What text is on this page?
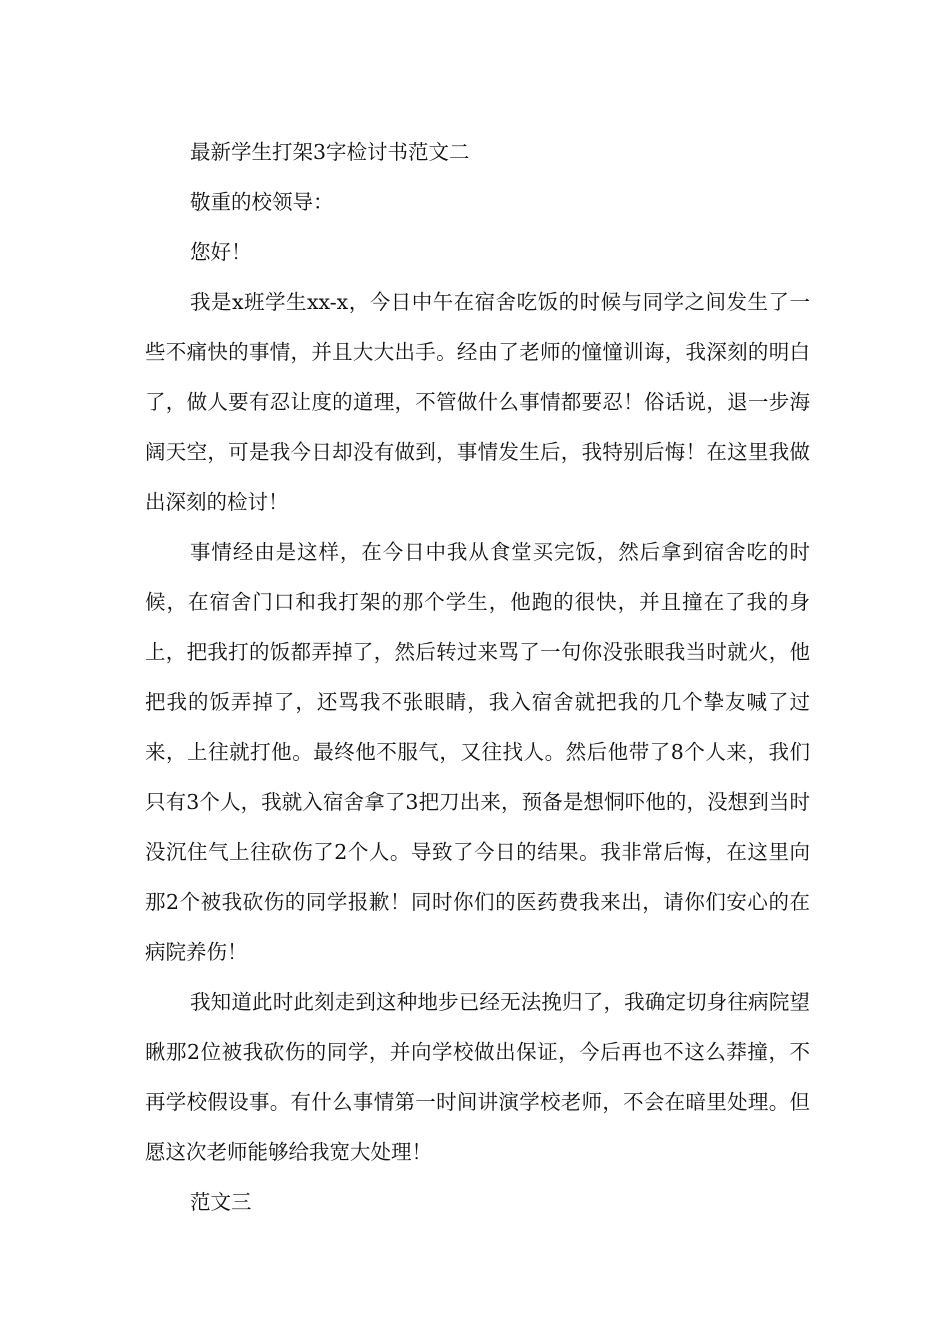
最新学生打架3字检讨书范文二

敬重的校领导：

您好！

我是x班学生xx-x，今日中午在宿舍吃饭的时候与同学之间发生了一些不痛快的事情，并且大大出手。经由了老师的憧憧训诲，我深刻的明白了，做人要有忍让度的道理，不管做什么事情都要忍！俗话说，退一步海阔天空，可是我今日却没有做到，事情发生后，我特别后悔！在这里我做出深刻的检讨！

事情经由是这样，在今日中我从食堂买完饭，然后拿到宿舍吃的时候，在宿舍门口和我打架的那个学生，他跑的很快，并且撞在了我的身上，把我打的饭都弄掉了，然后转过来骂了一句你没张眼我当时就火，他把我的饭弄掉了，还骂我不张眼睛，我入宿舍就把我的几个挚友喊了过来，上往就打他。最终他不服气，又往找人。然后他带了8个人来，我们只有3个人，我就入宿舍拿了3把刀出来，预备是想恫吓他的，没想到当时没沉住气上往砍伤了2个人。导致了今日的结果。我非常后悔，在这里向那2个被我砍伤的同学报歉！同时你们的医药费我来出，请你们安心的在病院养伤！

我知道此时此刻走到这种地步已经无法挽归了，我确定切身往病院望瞅那2位被我砍伤的同学，并向学校做出保证，今后再也不这么莽撞，不再学校假设事。有什么事情第一时间讲演学校老师，不会在暗里处理。但愿这次老师能够给我宽大处理！

范文三
